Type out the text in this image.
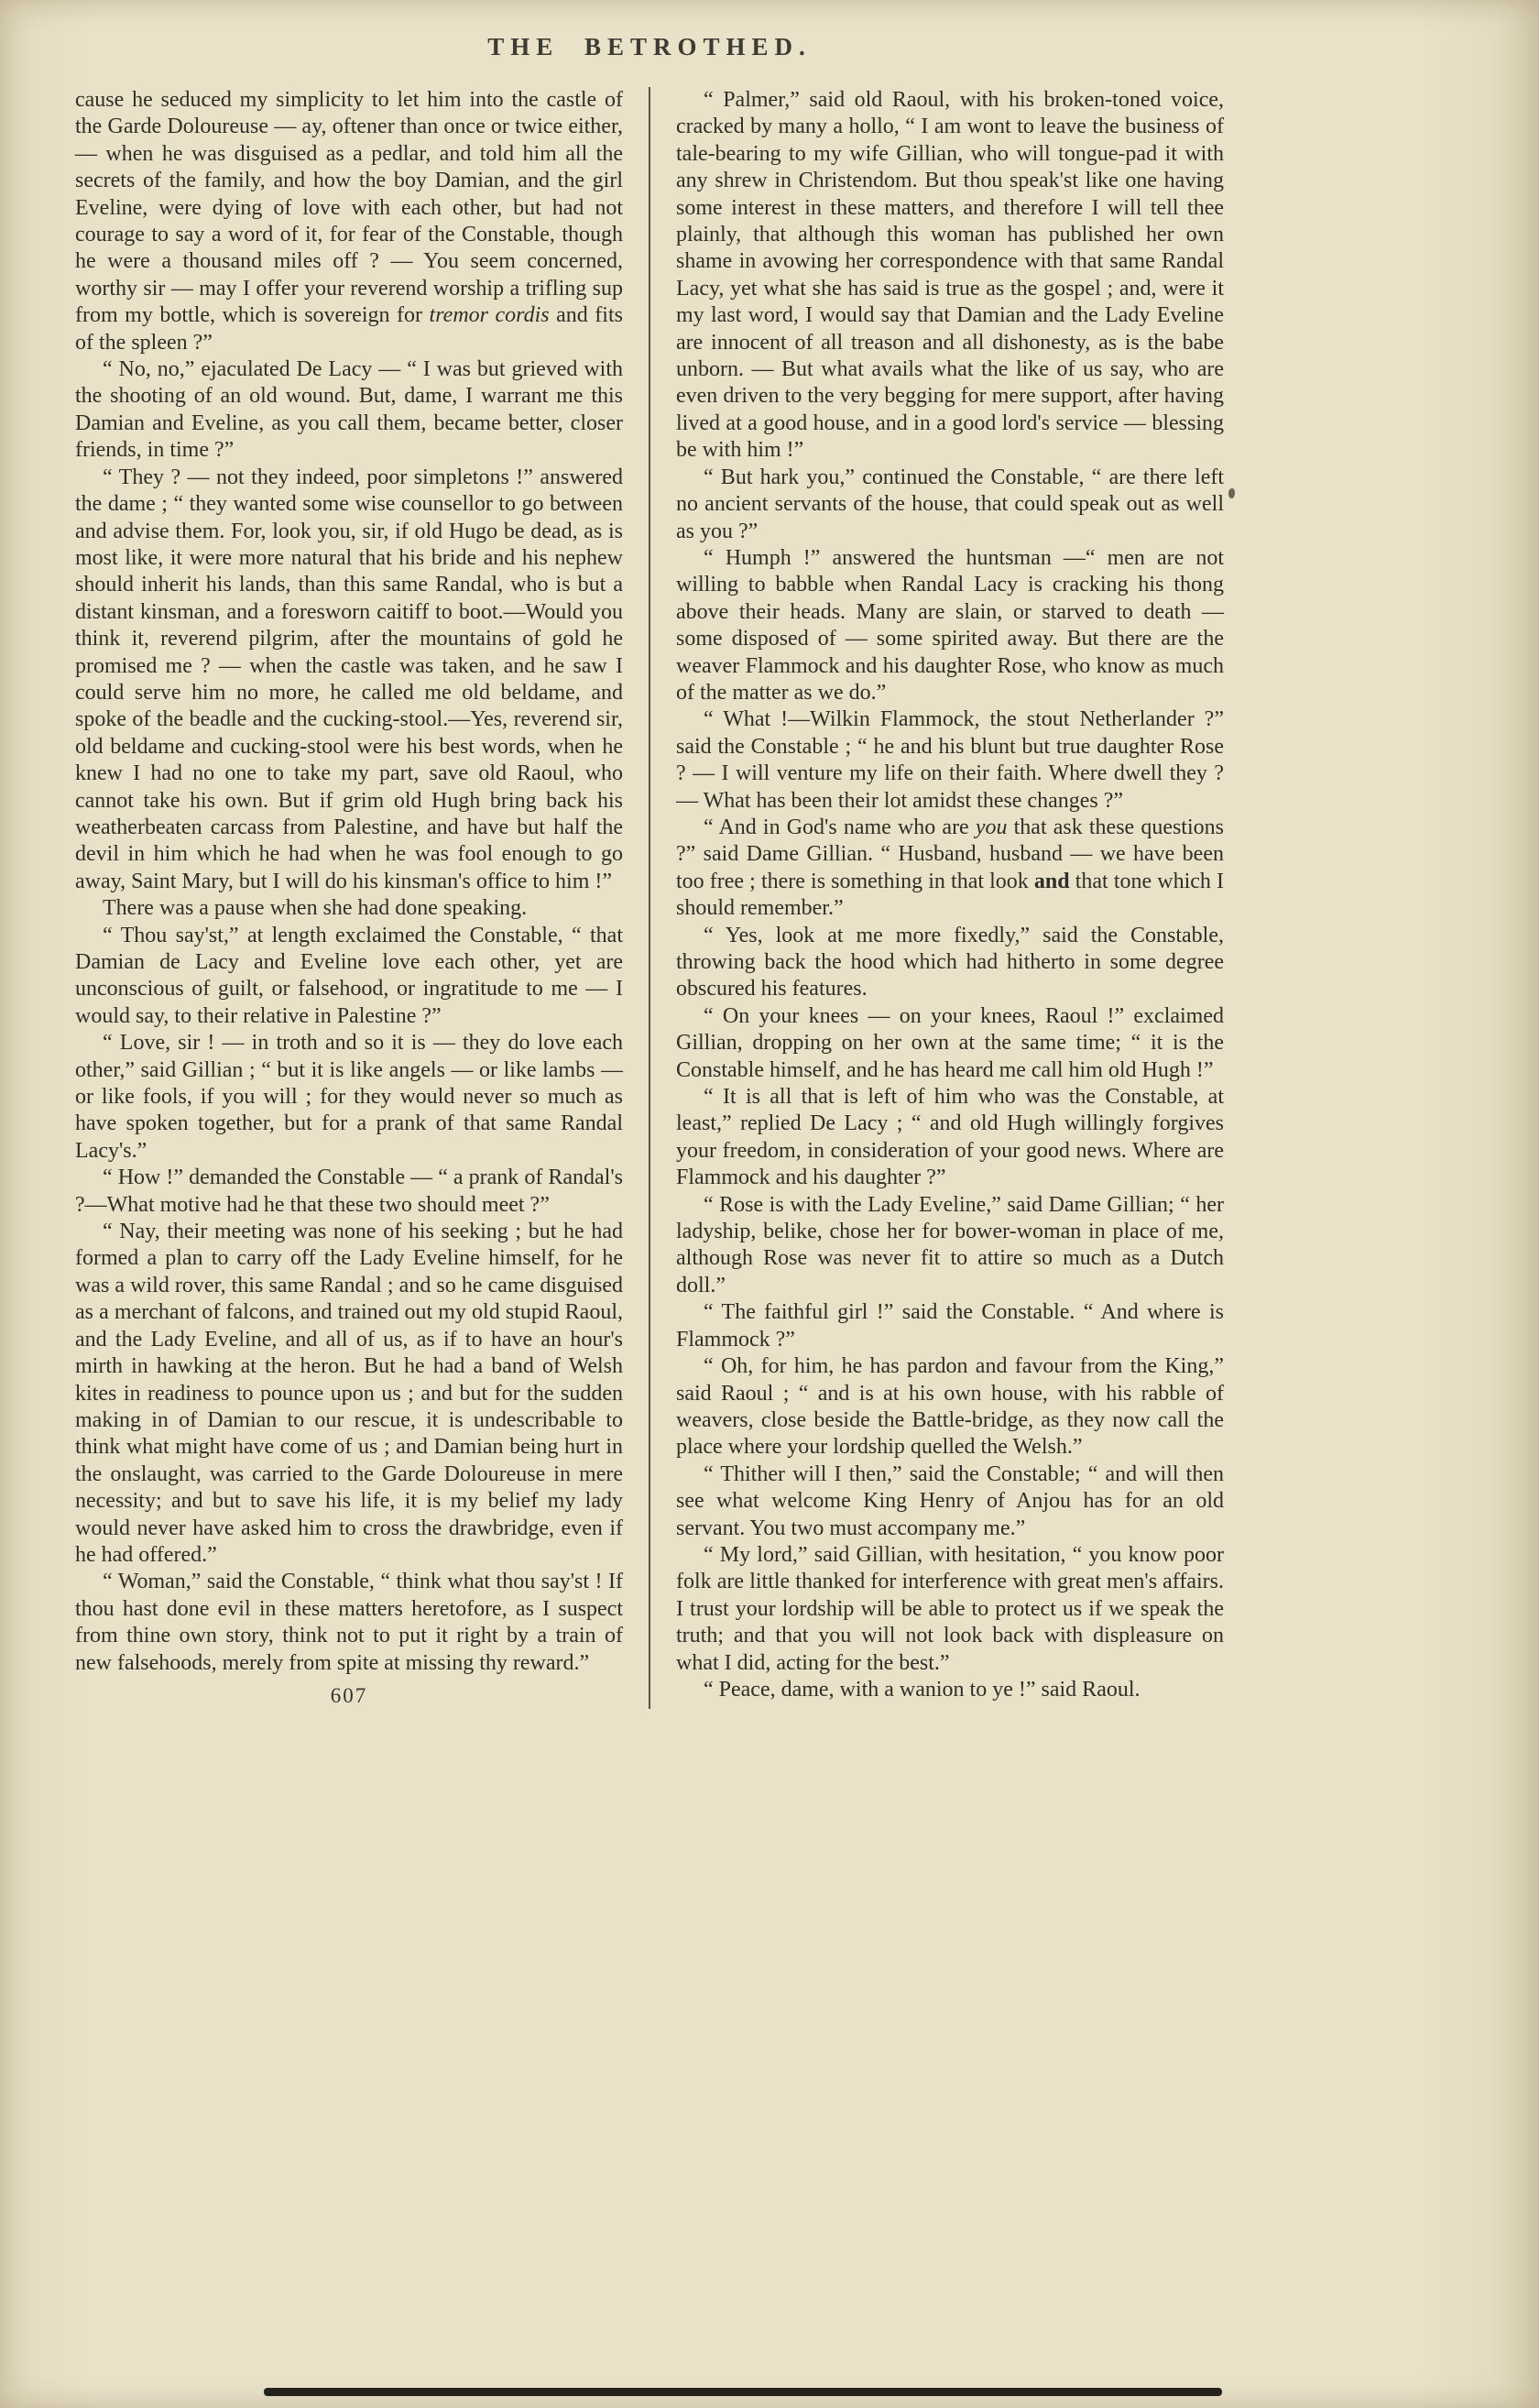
THE BETROTHED.

cause he seduced my simplicity to let him into the castle of the Garde Doloureuse — ay, oftener than once or twice either, — when he was disguised as a pedlar, and told him all the secrets of the family, and how the boy Damian, and the girl Eveline, were dying of love with each other, but had not courage to say a word of it, for fear of the Constable, though he were a thousand miles off ? — You seem concerned, worthy sir — may I offer your reverend worship a trifling sup from my bottle, which is sovereign for tremor cordis and fits of the spleen ?”

“ No, no,” ejaculated De Lacy — “ I was but grieved with the shooting of an old wound. But, dame, I warrant me this Damian and Eveline, as you call them, became better, closer friends, in time ?”

“ They ? — not they indeed, poor simpletons !” answered the dame ; “ they wanted some wise counsellor to go between and advise them. For, look you, sir, if old Hugo be dead, as is most like, it were more natural that his bride and his nephew should inherit his lands, than this same Randal, who is but a distant kinsman, and a foresworn caitiff to boot.—Would you think it, reverend pilgrim, after the mountains of gold he promised me ? — when the castle was taken, and he saw I could serve him no more, he called me old beldame, and spoke of the beadle and the cucking-stool.—Yes, reverend sir, old beldame and cucking-stool were his best words, when he knew I had no one to take my part, save old Raoul, who cannot take his own. But if grim old Hugh bring back his weatherbeaten carcass from Palestine, and have but half the devil in him which he had when he was fool enough to go away, Saint Mary, but I will do his kinsman's office to him !”

There was a pause when she had done speaking.

“ Thou say'st,” at length exclaimed the Constable, “ that Damian de Lacy and Eveline love each other, yet are unconscious of guilt, or falsehood, or ingratitude to me — I would say, to their relative in Palestine ?”

“ Love, sir ! — in troth and so it is — they do love each other,” said Gillian ; “ but it is like angels — or like lambs — or like fools, if you will ; for they would never so much as have spoken together, but for a prank of that same Randal Lacy's.”

“ How !” demanded the Constable — “ a prank of Randal's ?—What motive had he that these two should meet ?”

“ Nay, their meeting was none of his seeking ; but he had formed a plan to carry off the Lady Eveline himself, for he was a wild rover, this same Randal ; and so he came disguised as a merchant of falcons, and trained out my old stupid Raoul, and the Lady Eveline, and all of us, as if to have an hour's mirth in hawking at the heron. But he had a band of Welsh kites in readiness to pounce upon us ; and but for the sudden making in of Damian to our rescue, it is undescribable to think what might have come of us ; and Damian being hurt in the onslaught, was carried to the Garde Doloureuse in mere necessity; and but to save his life, it is my belief my lady would never have asked him to cross the drawbridge, even if he had offered.”

“ Woman,” said the Constable, “ think what thou say'st ! If thou hast done evil in these matters heretofore, as I suspect from thine own story, think not to put it right by a train of new falsehoods, merely from spite at missing thy reward.”

607

“ Palmer,” said old Raoul, with his broken-toned voice, cracked by many a hollo, “ I am wont to leave the business of tale-bearing to my wife Gillian, who will tongue-pad it with any shrew in Christendom. But thou speak'st like one having some interest in these matters, and therefore I will tell thee plainly, that although this woman has published her own shame in avowing her correspondence with that same Randal Lacy, yet what she has said is true as the gospel ; and, were it my last word, I would say that Damian and the Lady Eveline are innocent of all treason and all dishonesty, as is the babe unborn. — But what avails what the like of us say, who are even driven to the very begging for mere support, after having lived at a good house, and in a good lord's service — blessing be with him !”

“ But hark you,” continued the Constable, “ are there left no ancient servants of the house, that could speak out as well as you ?”

“ Humph !” answered the huntsman —“ men are not willing to babble when Randal Lacy is cracking his thong above their heads. Many are slain, or starved to death — some disposed of — some spirited away. But there are the weaver Flammock and his daughter Rose, who know as much of the matter as we do.”

“ What !—Wilkin Flammock, the stout Netherlander ?” said the Constable ; “ he and his blunt but true daughter Rose ? — I will venture my life on their faith. Where dwell they ? — What has been their lot amidst these changes ?”

“ And in God's name who are you that ask these questions ?” said Dame Gillian. “ Husband, husband — we have been too free ; there is something in that look and that tone which I should remember.”

“ Yes, look at me more fixedly,” said the Constable, throwing back the hood which had hitherto in some degree obscured his features.

“ On your knees — on your knees, Raoul !” exclaimed Gillian, dropping on her own at the same time; “ it is the Constable himself, and he has heard me call him old Hugh !”

“ It is all that is left of him who was the Constable, at least,” replied De Lacy ; “ and old Hugh willingly forgives your freedom, in consideration of your good news. Where are Flammock and his daughter ?”

“ Rose is with the Lady Eveline,” said Dame Gillian; “ her ladyship, belike, chose her for bower-woman in place of me, although Rose was never fit to attire so much as a Dutch doll.”

“ The faithful girl !” said the Constable. “ And where is Flammock ?”

“ Oh, for him, he has pardon and favour from the King,” said Raoul ; “ and is at his own house, with his rabble of weavers, close beside the Battle-bridge, as they now call the place where your lordship quelled the Welsh.”

“ Thither will I then,” said the Constable; “ and will then see what welcome King Henry of Anjou has for an old servant. You two must accompany me.”

“ My lord,” said Gillian, with hesitation, “ you know poor folk are little thanked for interference with great men's affairs. I trust your lordship will be able to protect us if we speak the truth; and that you will not look back with displeasure on what I did, acting for the best.”

“ Peace, dame, with a wanion to ye !” said Raoul.
